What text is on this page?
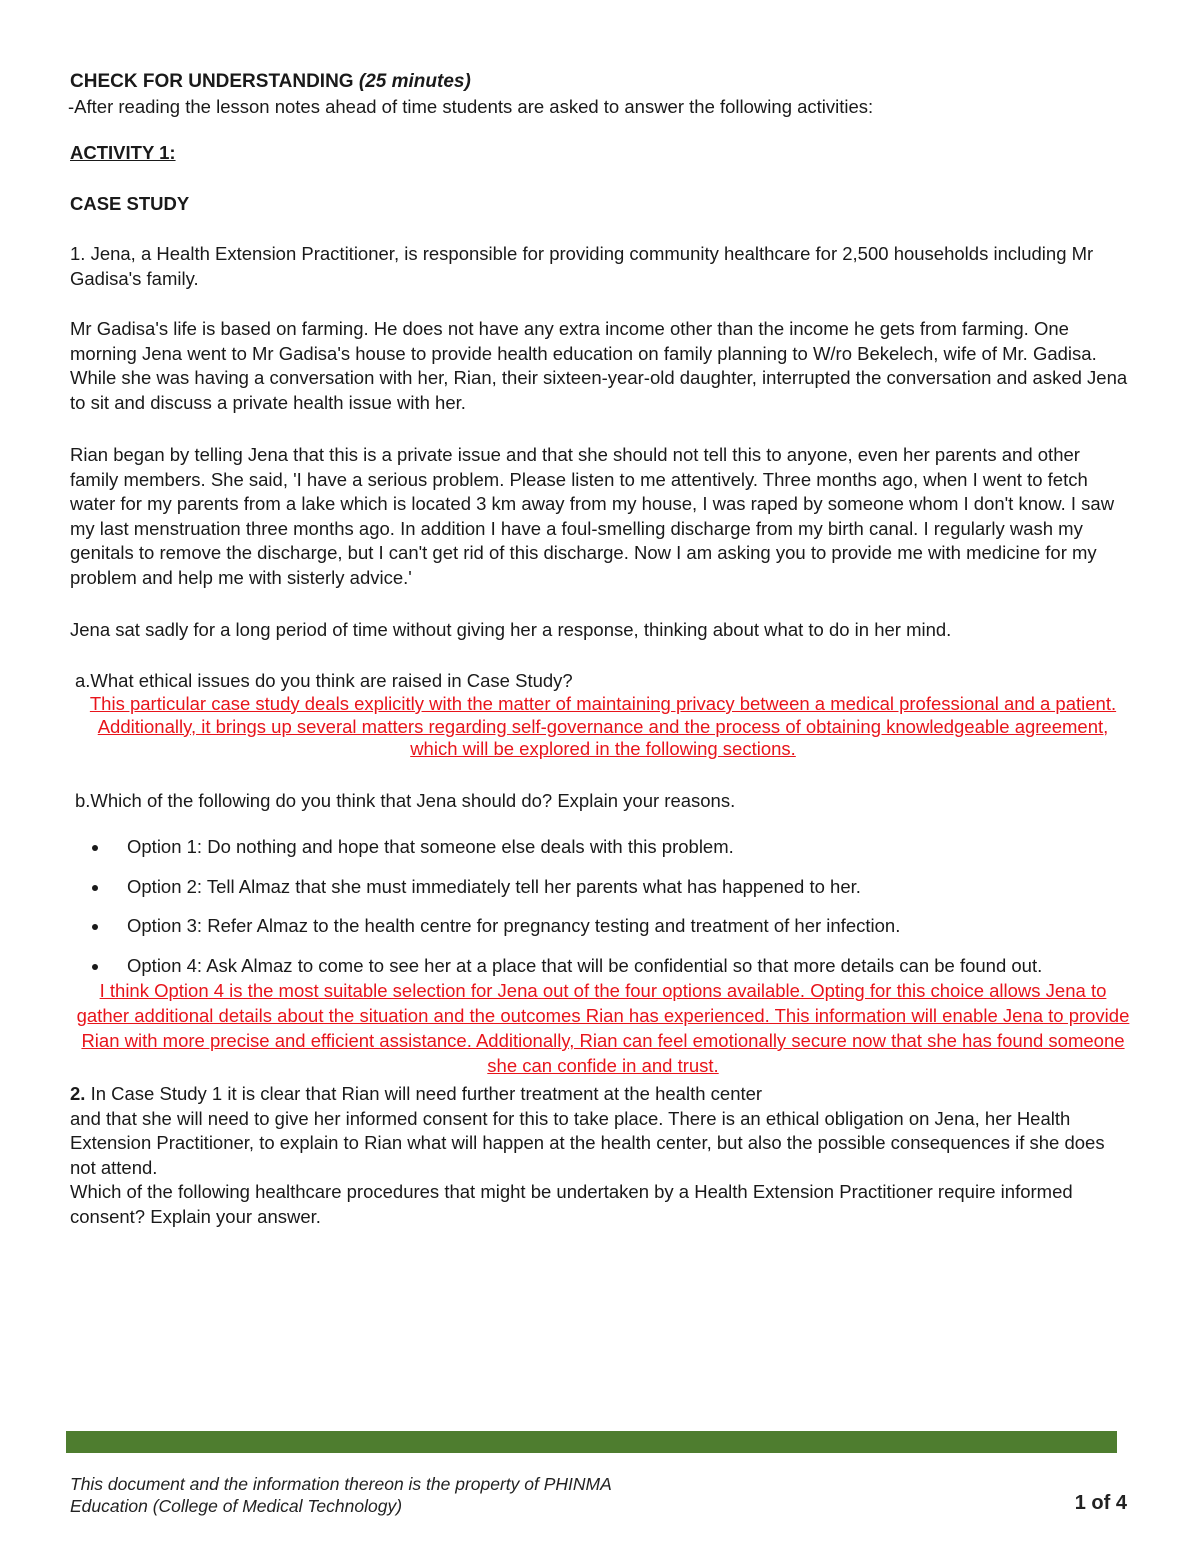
CHECK FOR UNDERSTANDING (25 minutes)

-After reading the lesson notes ahead of time students are asked to answer the following activities:

ACTIVITY 1:

CASE STUDY

1. Jena, a Health Extension Practitioner, is responsible for providing community healthcare for 2,500 households including Mr Gadisa's family.

Mr Gadisa's life is based on farming. He does not have any extra income other than the income he gets from farming. One morning Jena went to Mr Gadisa's house to provide health education on family planning to W/ro Bekelech, wife of Mr. Gadisa. While she was having a conversation with her, Rian, their sixteen-year-old daughter, interrupted the conversation and asked Jena to sit and discuss a private health issue with her.

Rian began by telling Jena that this is a private issue and that she should not tell this to anyone, even her parents and other family members. She said, 'I have a serious problem. Please listen to me attentively. Three months ago, when I went to fetch water for my parents from a lake which is located 3 km away from my house, I was raped by someone whom I don't know. I saw my last menstruation three months ago. In addition I have a foul-smelling discharge from my birth canal. I regularly wash my genitals to remove the discharge, but I can't get rid of this discharge. Now I am asking you to provide me with medicine for my problem and help me with sisterly advice.'

Jena sat sadly for a long period of time without giving her a response, thinking about what to do in her mind.

a.What ethical issues do you think are raised in Case Study?

This particular case study deals explicitly with the matter of maintaining privacy between a medical professional and a patient. Additionally, it brings up several matters regarding self-governance and the process of obtaining knowledgeable agreement, which will be explored in the following sections.

b.Which of the following do you think that Jena should do? Explain your reasons.

Option 1: Do nothing and hope that someone else deals with this problem.
Option 2: Tell Almaz that she must immediately tell her parents what has happened to her.
Option 3: Refer Almaz to the health centre for pregnancy testing and treatment of her infection.
Option 4: Ask Almaz to come to see her at a place that will be confidential so that more details can be found out.

I think Option 4 is the most suitable selection for Jena out of the four options available. Opting for this choice allows Jena to gather additional details about the situation and the outcomes Rian has experienced. This information will enable Jena to provide Rian with more precise and efficient assistance. Additionally, Rian can feel emotionally secure now that she has found someone she can confide in and trust.

2. In Case Study 1 it is clear that Rian will need further treatment at the health center

and that she will need to give her informed consent for this to take place. There is an ethical obligation on Jena, her Health Extension Practitioner, to explain to Rian what will happen at the health center, but also the possible consequences if she does not attend.

Which of the following healthcare procedures that might be undertaken by a Health Extension Practitioner require informed consent? Explain your answer.

This document and the information thereon is the property of PHINMA
Education (College of Medical Technology)	1 of 4
